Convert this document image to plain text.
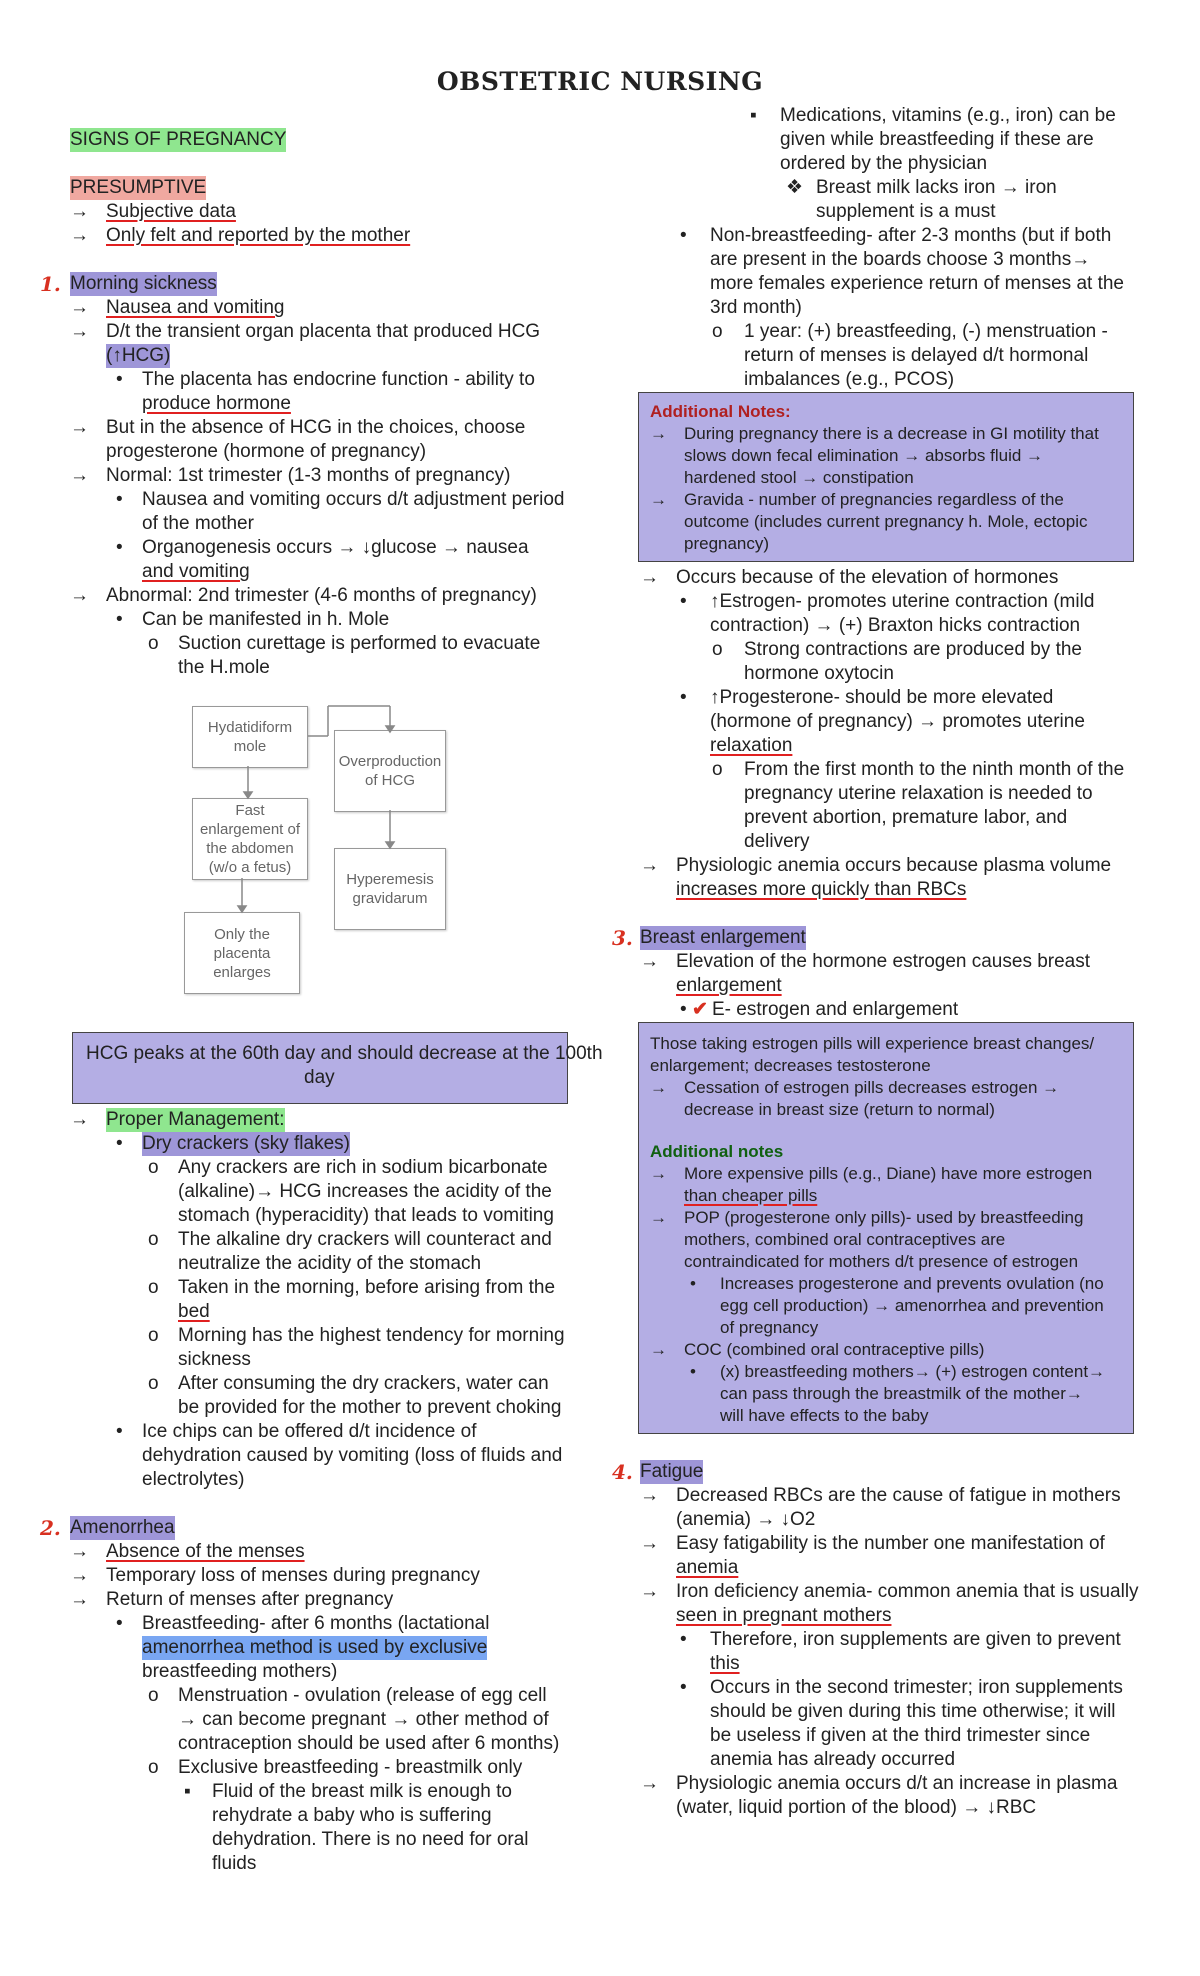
OBSTETRIC NURSING
SIGNS OF PREGNANCY
PRESUMPTIVE
→ Subjective data
→ Only felt and reported by the mother
1. Morning sickness
→ Nausea and vomiting
→ D/t the transient organ placenta that produced HCG
(↑HCG)
• The placenta has endocrine function - ability to
produce hormone
→ But in the absence of HCG in the choices, choose
progesterone (hormone of pregnancy)
→ Normal: 1st trimester (1-3 months of pregnancy)
• Nausea and vomiting occurs d/t adjustment period
of the mother
• Organogenesis occurs → ↓glucose → nausea
and vomiting
→ Abnormal: 2nd trimester (4-6 months of pregnancy)
• Can be manifested in h. Mole
o Suction curettage is performed to evacuate
the H.mole
Hydatidiform mole
Fast enlargement of the abdomen (w/o a fetus)
Only the placenta enlarges
Overproduction of HCG
Hyperemesis gravidarum
HCG peaks at the 60th day and should decrease at the 100th
day
→ Proper Management:
• Dry crackers (sky flakes)
o Any crackers are rich in sodium bicarbonate
(alkaline)→ HCG increases the acidity of the
stomach (hyperacidity) that leads to vomiting
o The alkaline dry crackers will counteract and
neutralize the acidity of the stomach
o Taken in the morning, before arising from the
bed
o Morning has the highest tendency for morning
sickness
o After consuming the dry crackers, water can
be provided for the mother to prevent choking
• Ice chips can be offered d/t incidence of
dehydration caused by vomiting (loss of fluids and
electrolytes)
2. Amenorrhea
→ Absence of the menses
→ Temporary loss of menses during pregnancy
→ Return of menses after pregnancy
• Breastfeeding- after 6 months (lactational
amenorrhea method is used by exclusive
breastfeeding mothers)
o Menstruation - ovulation (release of egg cell
→ can become pregnant → other method of
contraception should be used after 6 months)
o Exclusive breastfeeding - breastmilk only
▪ Fluid of the breast milk is enough to
rehydrate a baby who is suffering
dehydration. There is no need for oral
fluids
▪ Medications, vitamins (e.g., iron) can be
given while breastfeeding if these are
ordered by the physician
❖ Breast milk lacks iron → iron
supplement is a must
• Non-breastfeeding- after 2-3 months (but if both
are present in the boards choose 3 months→
more females experience return of menses at the
3rd month)
o 1 year: (+) breastfeeding, (-) menstruation -
return of menses is delayed d/t hormonal
imbalances (e.g., PCOS)
Additional Notes:
→ During pregnancy there is a decrease in GI motility that
slows down fecal elimination → absorbs fluid →
hardened stool → constipation
→ Gravida - number of pregnancies regardless of the
outcome (includes current pregnancy h. Mole, ectopic
pregnancy)
→ Occurs because of the elevation of hormones
• ↑Estrogen- promotes uterine contraction (mild
contraction) → (+) Braxton hicks contraction
o Strong contractions are produced by the
hormone oxytocin
• ↑Progesterone- should be more elevated
(hormone of pregnancy) → promotes uterine
relaxation
o From the first month to the ninth month of the
pregnancy uterine relaxation is needed to
prevent abortion, premature labor, and
delivery
→ Physiologic anemia occurs because plasma volume
increases more quickly than RBCs
3. Breast enlargement
→ Elevation of the hormone estrogen causes breast
enlargement
• ✔ E- estrogen and enlargement
Those taking estrogen pills will experience breast changes/
enlargement; decreases testosterone
→ Cessation of estrogen pills decreases estrogen →
decrease in breast size (return to normal)
Additional notes
→ More expensive pills (e.g., Diane) have more estrogen
than cheaper pills
→ POP (progesterone only pills)- used by breastfeeding
mothers, combined oral contraceptives are
contraindicated for mothers d/t presence of estrogen
• Increases progesterone and prevents ovulation (no
egg cell production) → amenorrhea and prevention
of pregnancy
→ COC (combined oral contraceptive pills)
• (x) breastfeeding mothers→ (+) estrogen content→
can pass through the breastmilk of the mother→
will have effects to the baby
4. Fatigue
→ Decreased RBCs are the cause of fatigue in mothers
(anemia) → ↓O2
→ Easy fatigability is the number one manifestation of
anemia
→ Iron deficiency anemia- common anemia that is usually
seen in pregnant mothers
• Therefore, iron supplements are given to prevent
this
• Occurs in the second trimester; iron supplements
should be given during this time otherwise; it will
be useless if given at the third trimester since
anemia has already occurred
→ Physiologic anemia occurs d/t an increase in plasma
(water, liquid portion of the blood) → ↓RBC
